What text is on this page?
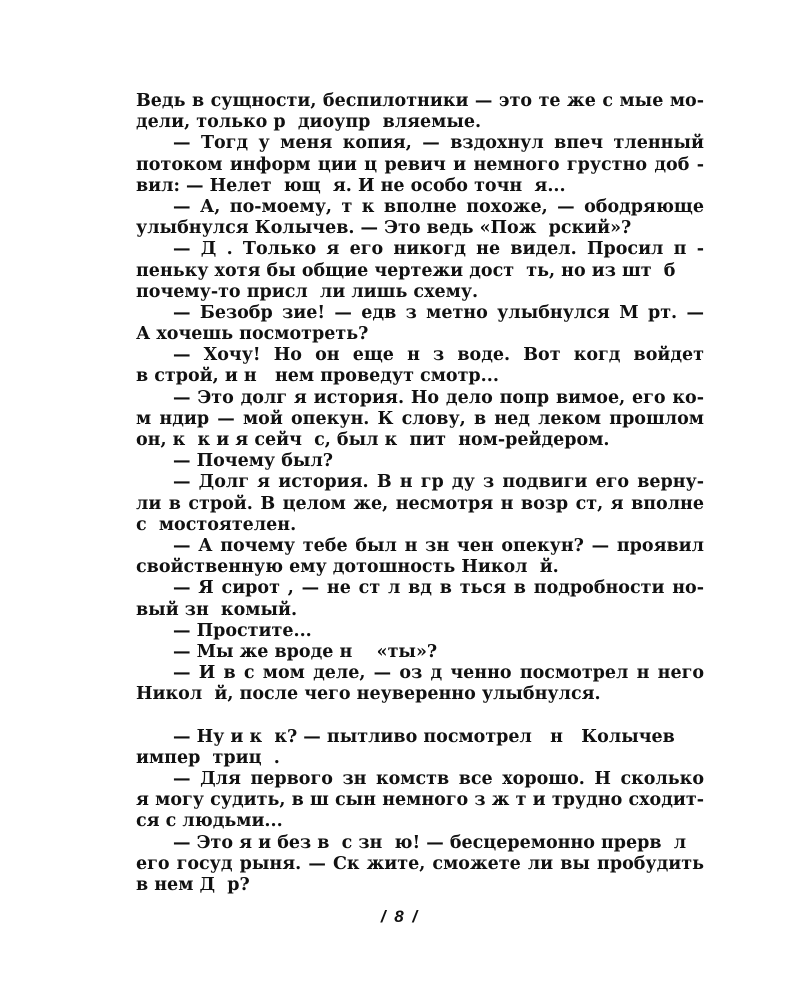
Ведь в сущности, беспилотники — это те же с мые мо-
дели, только р  диоупр  вляемые.
— Тогд у меня копия, — вздохнул впеч тленный
потоком информ ции ц ревич и немного грустно доб -
вил: — Нелет  ющ  я. И не особо точн  я...
— А, по-моему, т к вполне похоже, — ободряюще
улыбнулся Колычев. — Это ведь «Пож  рский»?
— Д . Только я его никогд не видел. Просил п -
пеньку хотя бы общие чертежи дост  ть, но из шт  б
почему-то присл  ли лишь схему.
— Безобр зие! — едв з метно улыбнулся М рт. —
А хочешь посмотреть?
— Хочу! Но он еще н з воде. Вот когд войдет
в строй, и н   нем проведут смотр...
— Это долг я история. Но дело попр вимое, его ко-
м ндир — мой опекун. К слову, в нед леком прошлом
он, к  к и я сейч  с, был к  пит  ном-рейдером.
— Почему был?
— Долг я история. В н гр ду з подвиги его верну-
ли в строй. В целом же, несмотря н возр ст, я вполне
с  мостоятелен.
— А почему тебе был н зн чен опекун? — проявил
свойственную ему дотошность Никол  й.
— Я сирот , — не ст л вд в ться в подробности но-
вый зн  комый.
— Простите...
— Мы же вроде н    «ты»?
— И в с мом деле, — оз д ченно посмотрел н него
Никол  й, после чего неуверенно улыбнулся.
— Ну и к  к? — пытливо посмотрел   н   Колычев
импер  триц  .
— Для первого зн комств все хорошо. Н сколько
я могу судить, в ш сын немного з ж т и трудно сходит-
ся с людьми...
— Это я и без в  с зн  ю! — бесцеремонно прерв  л
его госуд рыня. — Ск жите, сможете ли вы пробудить
в нем Д  р?
/ 8 /
